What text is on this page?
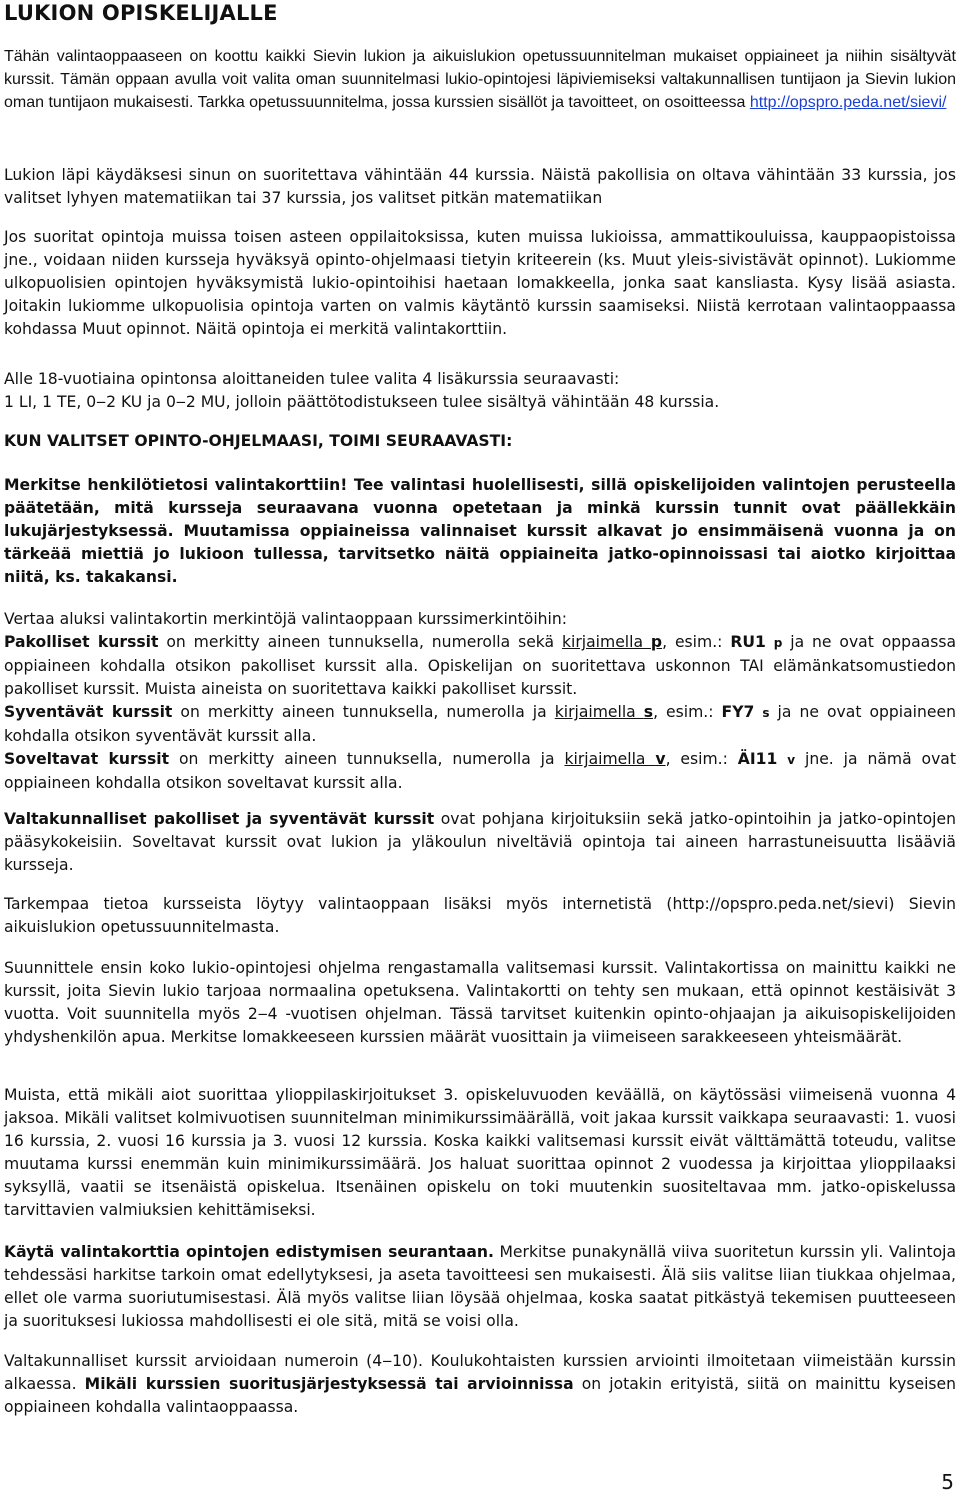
LUKION OPISKELIJALLE

Tähän valintaoppaaseen on koottu kaikki Sievin lukion ja aikuislukion opetussuunnitelman mukaiset oppiaineet ja niihin sisältyvät kurssit. Tämän oppaan avulla voit valita oman suunnitelmasi lukio-opintojesi läpiviemiseksi valtakunnallisen tuntijaon ja Sievin lukion oman tuntijaon mukaisesti. Tarkka opetussuunnitelma, jossa kurssien sisällöt ja tavoitteet, on osoitteessa http://opspro.peda.net/sievi/

Lukion läpi käydäksesi sinun on suoritettava vähintään 44 kurssia. Näistä pakollisia on oltava vähintään 33 kurssia, jos valitset lyhyen matematiikan tai 37 kurssia, jos valitset pitkän matematiikan

Jos suoritat opintoja muissa toisen asteen oppilaitoksissa, kuten muissa lukioissa, ammattikouluissa, kauppaopistoissa jne., voidaan niiden kursseja hyväksyä opinto-ohjelmaasi tietyin kriteerein (ks. Muut yleis-sivistävät opinnot). Lukiomme ulkopuolisien opintojen hyväksymistä lukio-opintoihisi haetaan lomakkeella, jonka saat kansliasta. Kysy lisää asiasta. Joitakin lukiomme ulkopuolisia opintoja varten on valmis käytäntö kurssin saamiseksi. Niistä kerrotaan valintaoppaassa kohdassa Muut opinnot. Näitä opintoja ei merkitä valintakorttiin.

Alle 18-vuotiaina opintonsa aloittaneiden tulee valita 4 lisäkurssia seuraavasti:
1 LI, 1 TE, 0‒2 KU ja 0‒2 MU, jolloin päättötodistukseen tulee sisältyä vähintään 48 kurssia.

KUN VALITSET OPINTO-OHJELMAASI, TOIMI SEURAAVASTI:

Merkitse henkilötietosi valintakorttiin! Tee valintasi huolellisesti, sillä opiskelijoiden valintojen perusteella päätetään, mitä kursseja seuraavana vuonna opetetaan ja minkä kurssin tunnit ovat päällekkäin lukujärjestyksessä. Muutamissa oppiaineissa valinnaiset kurssit alkavat jo ensimmäisenä vuonna ja on tärkeää miettiä jo lukioon tullessa, tarvitsetko näitä oppiaineita jatko-opinnoissasi tai aiotko kirjoittaa niitä, ks. takakansi.

Vertaa aluksi valintakortin merkintöjä valintaoppaan kurssimerkintöihin:
Pakolliset kurssit on merkitty aineen tunnuksella, numerolla sekä kirjaimella p, esim.: RU1 p ja ne ovat oppaassa oppiaineen kohdalla otsikon pakolliset kurssit alla. Opiskelijan on suoritettava uskonnon TAI elämänkatsomustiedon pakolliset kurssit. Muista aineista on suoritettava kaikki pakolliset kurssit.
Syventävät kurssit on merkitty aineen tunnuksella, numerolla ja kirjaimella s, esim.: FY7 s ja ne ovat oppiaineen kohdalla otsikon syventävät kurssit alla.
Soveltavat kurssit on merkitty aineen tunnuksella, numerolla ja kirjaimella v, esim.: ÄI11 v jne. ja nämä ovat oppiaineen kohdalla otsikon soveltavat kurssit alla.

Valtakunnalliset pakolliset ja syventävät kurssit ovat pohjana kirjoituksiin sekä jatko-opintoihin ja jatko-opintojen pääsykokeisiin. Soveltavat kurssit ovat lukion ja yläkoulun niveltäviä opintoja tai aineen harrastuneisuutta lisääviä kursseja.

Tarkempaa tietoa kursseista löytyy valintaoppaan lisäksi myös internetistä (http://opspro.peda.net/sievi) Sievin aikuislukion opetussuunnitelmasta.

Suunnittele ensin koko lukio-opintojesi ohjelma rengastamalla valitsemasi kurssit. Valintakortissa on mainittu kaikki ne kurssit, joita Sievin lukio tarjoaa normaalina opetuksena. Valintakortti on tehty sen mukaan, että opinnot kestäisivät 3 vuotta. Voit suunnitella myös 2‒4 -vuotisen ohjelman. Tässä tarvitset kuitenkin opinto-ohjaajan ja aikuisopiskelijoiden yhdyshenkilön apua. Merkitse lomakkeeseen kurssien määrät vuosittain ja viimeiseen sarakkeeseen yhteismäärät.

Muista, että mikäli aiot suorittaa ylioppilaskirjoitukset 3. opiskeluvuoden keväällä, on käytössäsi viimeisenä vuonna 4 jaksoa. Mikäli valitset kolmivuotisen suunnitelman minimikurssimäärällä, voit jakaa kurssit vaikkapa seuraavasti: 1. vuosi 16 kurssia, 2. vuosi 16 kurssia ja 3. vuosi 12 kurssia. Koska kaikki valitsemasi kurssit eivät välttämättä toteudu, valitse muutama kurssi enemmän kuin minimikurssimäärä. Jos haluat suorittaa opinnot 2 vuodessa ja kirjoittaa ylioppilaaksi syksyllä, vaatii se itsenäistä opiskelua. Itsenäinen opiskelu on toki muutenkin suositeltavaa mm. jatko-opiskelussa tarvittavien valmiuksien kehittämiseksi.

Käytä valintakorttia opintojen edistymisen seurantaan. Merkitse punakynällä viiva suoritetun kurssin yli. Valintoja tehdessäsi harkitse tarkoin omat edellytyksesi, ja aseta tavoitteesi sen mukaisesti. Älä siis valitse liian tiukkaa ohjelmaa, ellet ole varma suoriutumisestasi. Älä myös valitse liian löysää ohjelmaa, koska saatat pitkästyä tekemisen puutteeseen ja suorituksesi lukiossa mahdollisesti ei ole sitä, mitä se voisi olla.

Valtakunnalliset kurssit arvioidaan numeroin (4‒10). Koulukohtaisten kurssien arviointi ilmoitetaan viimeistään kurssin alkaessa. Mikäli kurssien suoritusjärjestyksessä tai arvioinnissa on jotakin erityistä, siitä on mainittu kyseisen oppiaineen kohdalla valintaoppaassa.

5
